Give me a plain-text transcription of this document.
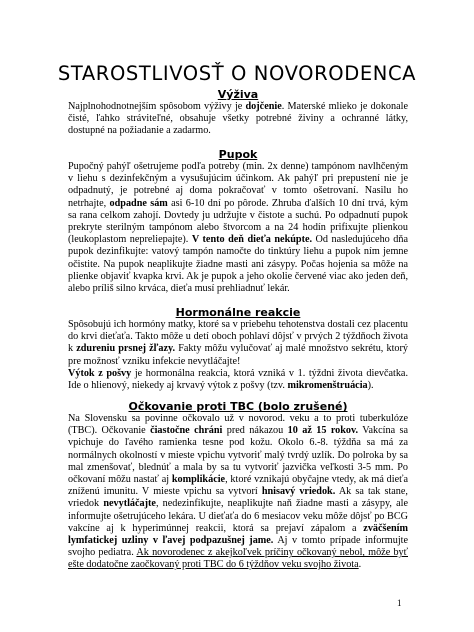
STAROSTLIVOSŤ O NOVORODENCA
Výživa

Najplnohodnotnejším spôsobom výživy je dojčenie. Materské mlieko je dokonale čisté, ľahko stráviteľné, obsahuje všetky potrebné živiny a ochranné látky, dostupné na požiadanie a zadarmo.

Pupok

Pupočný pahýľ ošetrujeme podľa potreby (min. 2x denne) tampónom navlhčeným v liehu s dezinfekčným a vysušujúcim účinkom. Ak pahýľ pri prepustení nie je odpadnutý, je potrebné aj doma pokračovať v tomto ošetrovaní. Nasilu ho netrhajte, odpadne sám asi 6-10 dní po pôrode. Zhruba ďalších 10 dní trvá, kým sa rana celkom zahojí. Dovtedy ju udržujte v čistote a suchú. Po odpadnutí pupok prekryte sterilným tampónom alebo štvorcom a na 24 hodín prifixujte plienkou (leukoplastom nepreliepajte). V tento deň dieťa nekúpte. Od nasledujúceho dňa pupok dezinfikujte: vatový tampón namočte do tinktúry liehu a pupok ním jemne očistite. Na pupok neaplikujte žiadne masti ani zásypy. Počas hojenia sa môže na plienke objaviť kvapka krvi. Ak je pupok a jeho okolie červené viac ako jeden deň, alebo príliš silno krváca, dieťa musí prehliadnuť lekár.

Hormonálne reakcie

Spôsobujú ich hormóny matky, ktoré sa v priebehu tehotenstva dostali cez placentu do krvi dieťaťa. Takto môže u detí oboch pohlaví dôjsť v prvých 2 týždňoch života k zdureniu prsnej žľazy. Fakty môžu vylučovať aj malé množstvo sekrétu, ktorý pre možnosť vzniku infekcie nevytláčajte!

Výtok z pošvy je hormonálna reakcia, ktorá vzniká v 1. týždni života dievčatka. Ide o hlienový, niekedy aj krvavý výtok z pošvy (tzv. mikromenštruácia).

Očkovanie proti TBC (bolo zrušené)

Na Slovensku sa povinne očkovalo už v novorod. veku a to proti tuberkulóze (TBC). Očkovanie čiastočne chráni pred nákazou 10 až 15 rokov. Vakcína sa vpichuje do ľavého ramienka tesne pod kožu. Okolo 6.-8. týždňa sa má za normálnych okolností v mieste vpichu vytvoriť malý tvrdý uzlík. Do polroka by sa mal zmenšovať, blednúť a mala by sa tu vytvoriť jazvička veľkosti 3-5 mm. Po očkovaní môžu nastať aj komplikácie, ktoré vznikajú obyčajne vtedy, ak má dieťa zníženú imunitu. V mieste vpichu sa vytvorí hnisavý vriedok. Ak sa tak stane, vriedok nevytláčajte, nedezinfikujte, neaplikujte naň žiadne masti a zásypy, ale informujte ošetrujúceho lekára. U dieťaťa do 6 mesiacov veku môže dôjsť po BCG vakcíne aj k hyperimúnnej reakcii, ktorá sa prejaví zápalom a zväčšením lymfatickej uzliny v ľavej podpazušnej jame. Aj v tomto prípade informujte svojho pediatra. Ak novorodenec z akejkoľvek príčiny očkovaný nebol, môže byť ešte dodatočne zaočkovaný proti TBC do 6 týždňov veku svojho života.

1
